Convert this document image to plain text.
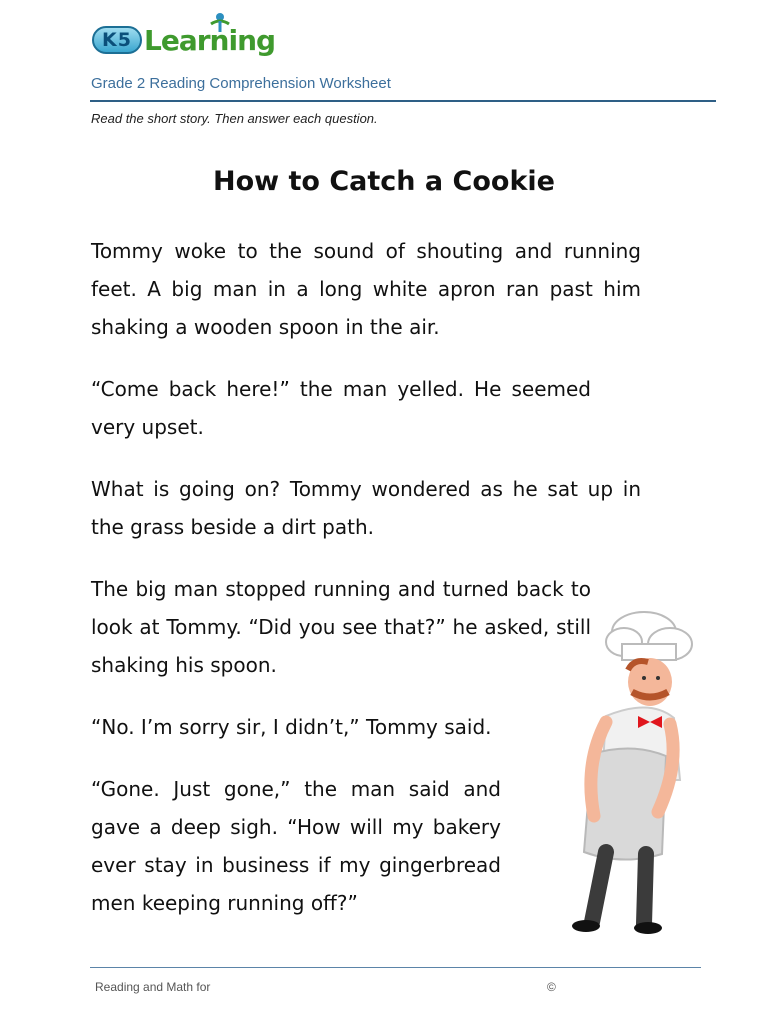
K5 Learning
Grade 2 Reading Comprehension Worksheet
Read the short story. Then answer each question.
How to Catch a Cookie

Tommy woke to the sound of shouting and running feet. A big man in a long white apron ran past him shaking a wooden spoon in the air.

“Come back here!” the man yelled. He seemed very upset.

What is going on? Tommy wondered as he sat up in the grass beside a dirt path.

The big man stopped running and turned back to look at Tommy. “Did you see that?” he asked, still shaking his spoon.

“No. I’m sorry sir, I didn’t,” Tommy said.

“Gone. Just gone,” the man said and gave a deep sigh. “How will my bakery ever stay in business if my gingerbread men keeping running off?”

Reading and Math for	©
